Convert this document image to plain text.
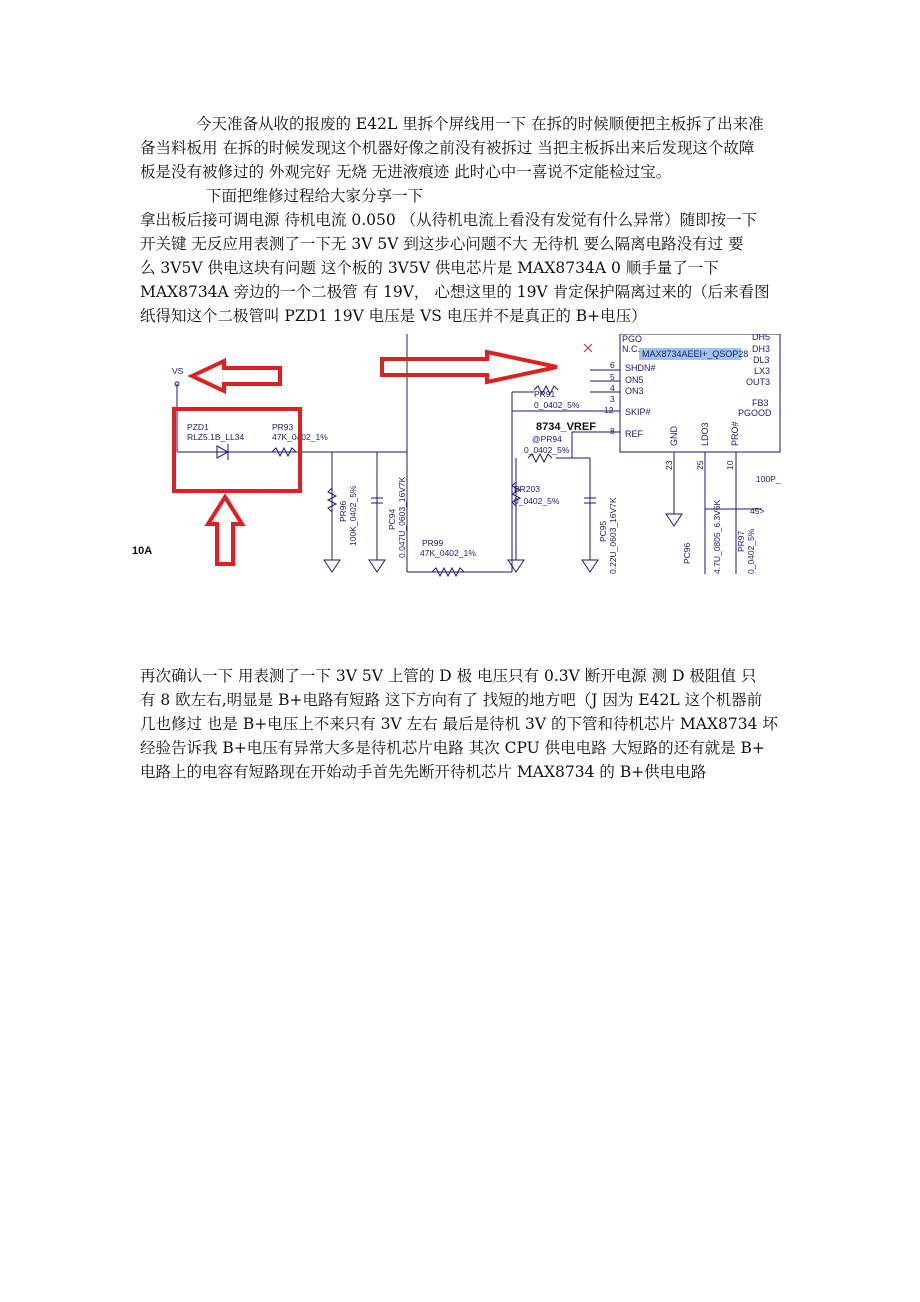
今天准备从收的报废的 E42L 里拆个屏线用一下 在拆的时候顺便把主板拆了出来准
备当料板用 在拆的时候发现这个机器好像之前没有被拆过 当把主板拆出来后发现这个故障
板是没有被修过的 外观完好 无烧 无进液痕迹 此时心中一喜说不定能检过宝。
下面把维修过程给大家分享一下
拿出板后接可调电源 待机电流 0.050 （从待机电流上看没有发觉有什么异常）随即按一下
开关键 无反应用表测了一下无 3V 5V 到这步心问题不大 无待机 要么隔离电路没有过 要
么 3V5V 供电这块有问题 这个板的 3V5V 供电芯片是 MAX8734A 0 顺手量了一下
MAX8734A 旁边的一个二极管 有 19V， 心想这里的 19V 肯定保护隔离过来的（后来看图
纸得知这个二极管叫 PZD1 19V 电压是 VS 电压并不是真正的 B+电压）
MAX8734AEEI+_QSOP28
PGO
N.C.
SHDN#
ON5
ON3
SKIP#
REF
DH5
DH3
DL3
LX3
OUT3
FB3
PGOOD
GND LDO3 PRO#
6
5
4
3
12
8
23 25 10
100P_
45>
PC96 4.7U_0805_6.3V6K PR97 0_0402_5%
PR91
0_0402_5%
8734_VREF
@PR94
0_0402_5%
PC95 0.22U_0603_16V7K
PR203
0_0402_5%
PR99
47K_0402_1%
PC94 0.047U_0603_16V7K
PR96 100K_0402_5%
PZD1
RLZ5.1B_LL34
PR93
47K_0402_1%
VS
10A
再次确认一下 用表测了一下 3V 5V 上管的 D 极 电压只有 0.3V 断开电源 测 D 极阻值 只
有 8 欧左右,明显是 B+电路有短路 这下方向有了 找短的地方吧（J 因为 E42L 这个机器前
几也修过 也是 B+电压上不来只有 3V 左右 最后是待机 3V 的下管和待机芯片 MAX8734 坏
经验告诉我 B+电压有异常大多是待机芯片电路 其次 CPU 供电电路 大短路的还有就是 B+
电路上的电容有短路现在开始动手首先先断开待机芯片 MAX8734 的 B+供电电路
